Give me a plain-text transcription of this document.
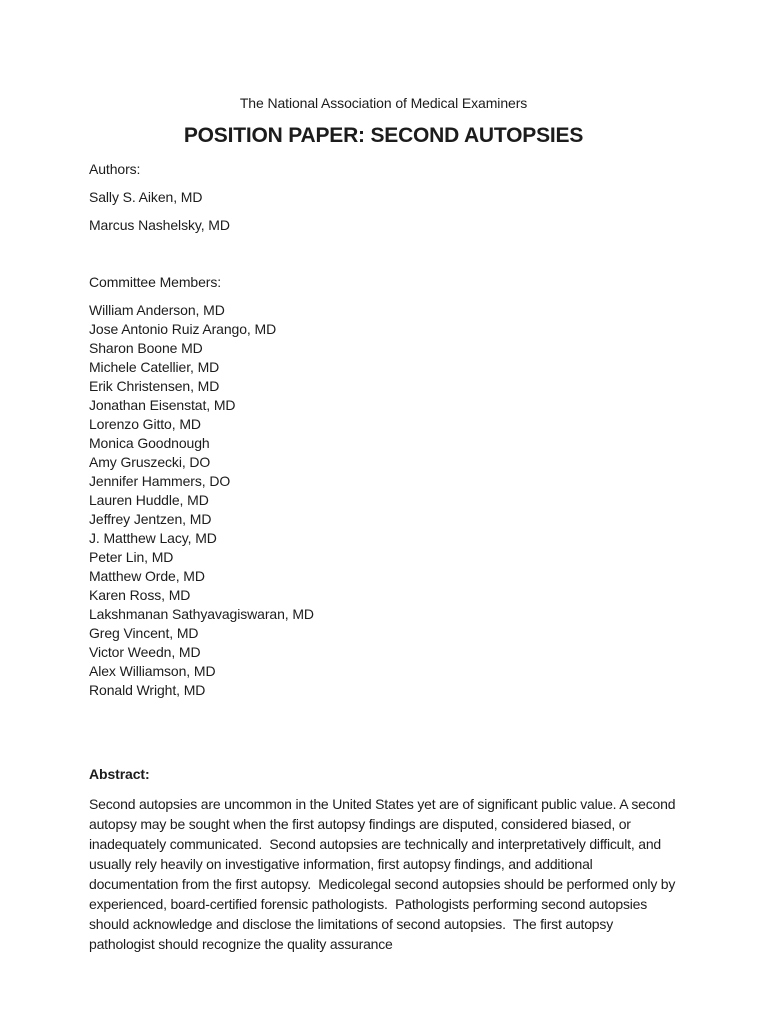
The National Association of Medical Examiners
POSITION PAPER: SECOND AUTOPSIES
Authors:
Sally S. Aiken, MD
Marcus Nashelsky, MD
Committee Members:
William Anderson, MD
Jose Antonio Ruiz Arango, MD
Sharon Boone MD
Michele Catellier, MD
Erik Christensen, MD
Jonathan Eisenstat, MD
Lorenzo Gitto, MD
Monica Goodnough
Amy Gruszecki, DO
Jennifer Hammers, DO
Lauren Huddle, MD
Jeffrey Jentzen, MD
J. Matthew Lacy, MD
Peter Lin, MD
Matthew Orde, MD
Karen Ross, MD
Lakshmanan Sathyavagiswaran, MD
Greg Vincent, MD
Victor Weedn, MD
Alex Williamson, MD
Ronald Wright, MD
Abstract:
Second autopsies are uncommon in the United States yet are of significant public value. A second autopsy may be sought when the first autopsy findings are disputed, considered biased, or inadequately communicated.  Second autopsies are technically and interpretatively difficult, and usually rely heavily on investigative information, first autopsy findings, and additional documentation from the first autopsy.  Medicolegal second autopsies should be performed only by experienced, board-certified forensic pathologists.  Pathologists performing second autopsies should acknowledge and disclose the limitations of second autopsies.  The first autopsy pathologist should recognize the quality assurance
